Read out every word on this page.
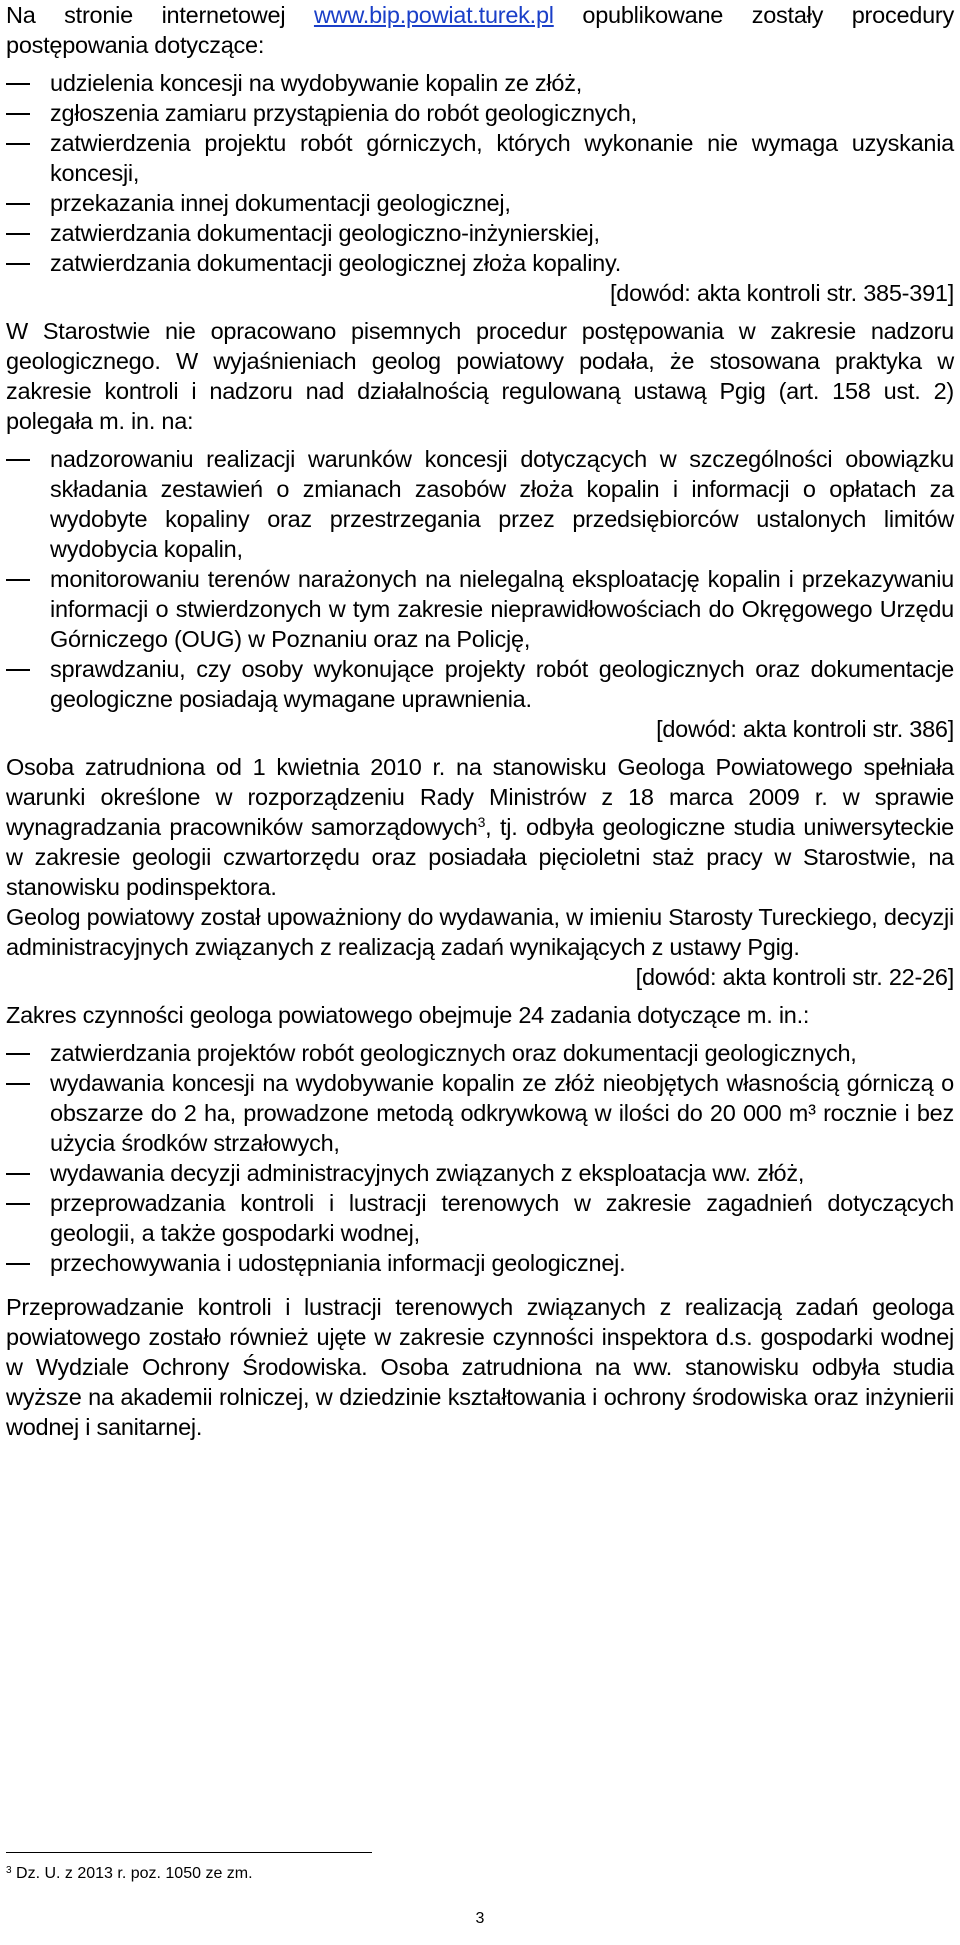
Na stronie internetowej www.bip.powiat.turek.pl opublikowane zostały procedury postępowania dotyczące:

udzielenia koncesji na wydobywanie kopalin ze złóż,
zgłoszenia zamiaru przystąpienia do robót geologicznych,
zatwierdzenia projektu robót górniczych, których wykonanie nie wymaga uzyskania koncesji,
przekazania innej dokumentacji geologicznej,
zatwierdzania dokumentacji geologiczno-inżynierskiej,
zatwierdzania dokumentacji geologicznej złoża kopaliny.

[dowód: akta kontroli str. 385-391]

W Starostwie nie opracowano pisemnych procedur postępowania w zakresie nadzoru geologicznego. W wyjaśnieniach geolog powiatowy podała, że stosowana praktyka w zakresie kontroli i nadzoru nad działalnością regulowaną ustawą Pgig (art. 158 ust. 2) polegała m. in. na:

nadzorowaniu realizacji warunków koncesji dotyczących w szczególności obowiązku składania zestawień o zmianach zasobów złoża kopalin i informacji o opłatach za wydobyte kopaliny oraz przestrzegania przez przedsiębiorców ustalonych limitów wydobycia kopalin,
monitorowaniu terenów narażonych na nielegalną eksploatację kopalin i przekazywaniu informacji o stwierdzonych w tym zakresie nieprawidłowościach do Okręgowego Urzędu Górniczego (OUG) w Poznaniu oraz na Policję,
sprawdzaniu, czy osoby wykonujące projekty robót geologicznych oraz dokumentacje geologiczne posiadają wymagane uprawnienia.

[dowód: akta kontroli str. 386]

Osoba zatrudniona od 1 kwietnia 2010 r. na stanowisku Geologa Powiatowego spełniała warunki określone w rozporządzeniu Rady Ministrów z 18 marca 2009 r. w sprawie wynagradzania pracowników samorządowych$^3$, tj. odbyła geologiczne studia uniwersyteckie w zakresie geologii czwartorzędu oraz posiadała pięcioletni staż pracy w Starostwie, na stanowisku podinspektora.

Geolog powiatowy został upoważniony do wydawania, w imieniu Starosty Tureckiego, decyzji administracyjnych związanych z realizacją zadań wynikających z ustawy Pgig.

[dowód: akta kontroli str. 22-26]

Zakres czynności geologa powiatowego obejmuje 24 zadania dotyczące m. in.:

zatwierdzania projektów robót geologicznych oraz dokumentacji geologicznych,
wydawania koncesji na wydobywanie kopalin ze złóż nieobjętych własnością górniczą o obszarze do 2 ha, prowadzone metodą odkrywkową w ilości do 20 000 m³ rocznie i bez użycia środków strzałowych,
wydawania decyzji administracyjnych związanych z eksploatacja ww. złóż,
przeprowadzania kontroli i lustracji terenowych w zakresie zagadnień dotyczących geologii, a także gospodarki wodnej,
przechowywania i udostępniania informacji geologicznej.

Przeprowadzanie kontroli i lustracji terenowych związanych z realizacją zadań geologa powiatowego zostało również ujęte w zakresie czynności inspektora d.s. gospodarki wodnej w Wydziale Ochrony Środowiska. Osoba zatrudniona na ww. stanowisku odbyła studia wyższe na akademii rolniczej, w dziedzinie kształtowania i ochrony środowiska oraz inżynierii wodnej i sanitarnej.

$^3$ Dz. U. z 2013 r. poz. 1050 ze zm.
3
